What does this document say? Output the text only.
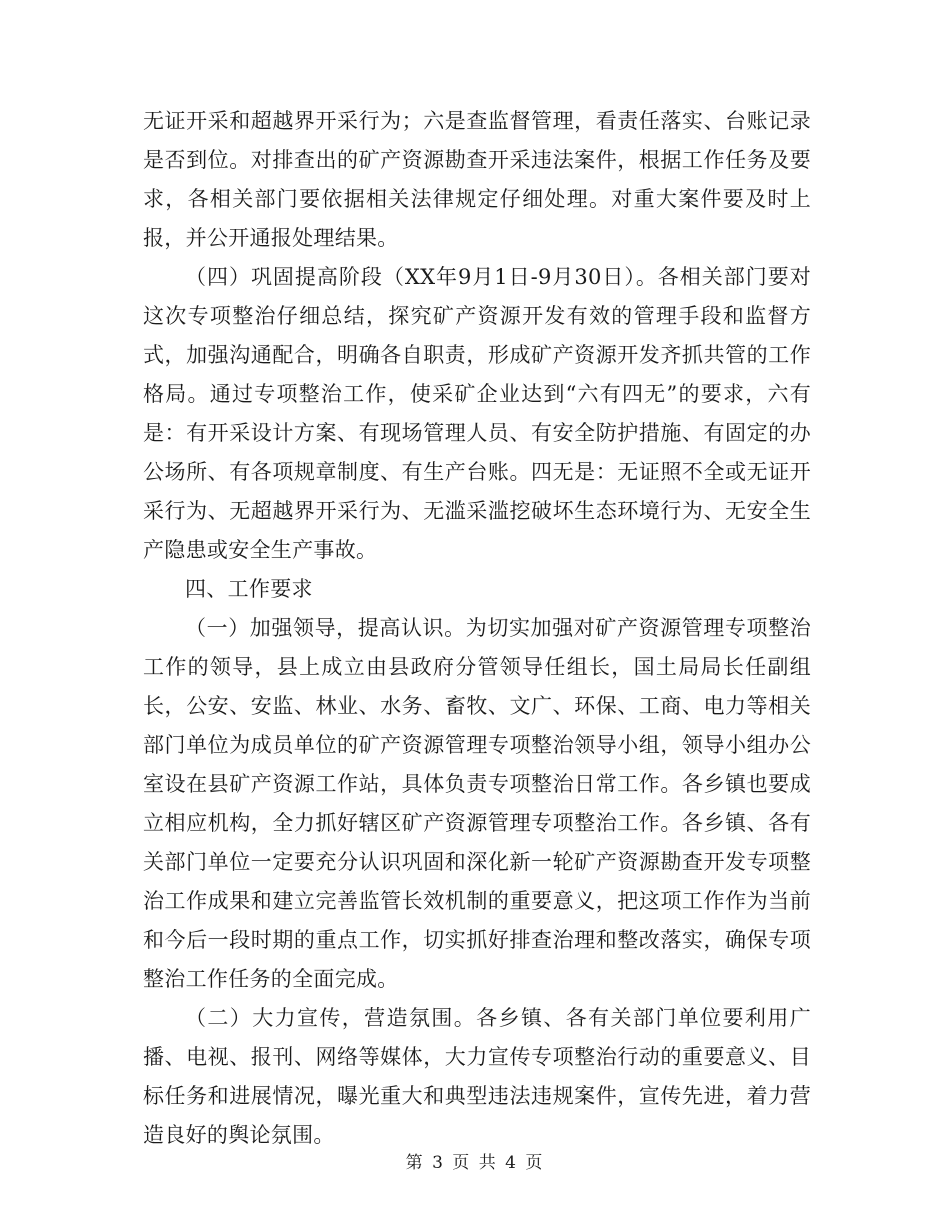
无证开采和超越界开采行为；六是查监督管理，看责任落实、台账记录是否到位。对排查出的矿产资源勘查开采违法案件，根据工作任务及要求，各相关部门要依据相关法律规定仔细处理。对重大案件要及时上报，并公开通报处理结果。

（四）巩固提高阶段（XX年9月1日-9月30日）。各相关部门要对这次专项整治仔细总结，探究矿产资源开发有效的管理手段和监督方式，加强沟通配合，明确各自职责，形成矿产资源开发齐抓共管的工作格局。通过专项整治工作，使采矿企业达到“六有四无”的要求，六有是：有开采设计方案、有现场管理人员、有安全防护措施、有固定的办公场所、有各项规章制度、有生产台账。四无是：无证照不全或无证开采行为、无超越界开采行为、无滥采滥挖破坏生态环境行为、无安全生产隐患或安全生产事故。

四、工作要求

（一）加强领导，提高认识。为切实加强对矿产资源管理专项整治工作的领导，县上成立由县政府分管领导任组长，国土局局长任副组长，公安、安监、林业、水务、畜牧、文广、环保、工商、电力等相关部门单位为成员单位的矿产资源管理专项整治领导小组，领导小组办公室设在县矿产资源工作站，具体负责专项整治日常工作。各乡镇也要成立相应机构，全力抓好辖区矿产资源管理专项整治工作。各乡镇、各有关部门单位一定要充分认识巩固和深化新一轮矿产资源勘查开发专项整治工作成果和建立完善监管长效机制的重要意义，把这项工作作为当前和今后一段时期的重点工作，切实抓好排查治理和整改落实，确保专项整治工作任务的全面完成。

（二）大力宣传，营造氛围。各乡镇、各有关部门单位要利用广播、电视、报刊、网络等媒体，大力宣传专项整治行动的重要意义、目标任务和进展情况，曝光重大和典型违法违规案件，宣传先进，着力营造良好的舆论氛围。

第 3 页 共 4 页
